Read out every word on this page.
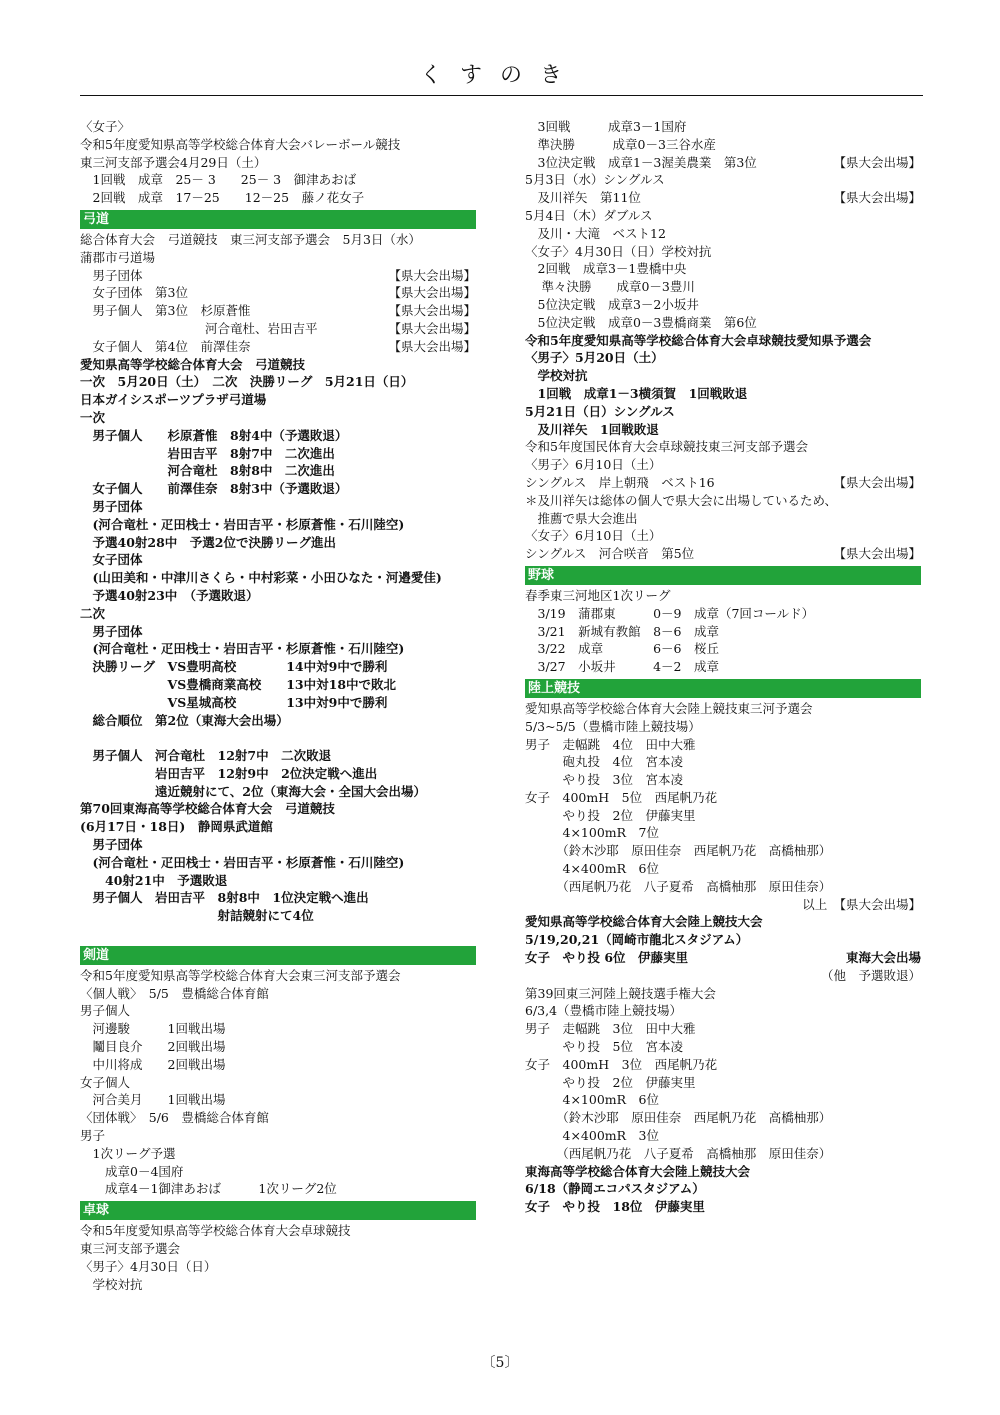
くすのき
〈女子〉
令和5年度愛知県高等学校総合体育大会バレーボール競技
東三河支部予選会4月29日（土）
　1回戦　成章　25－ 3　　25－ 3　御津あおば
　2回戦　成章　17－25　　12－25　藤ノ花女子
弓道
総合体育大会　弓道競技　東三河支部予選会　5月3日（水）
蒲郡市弓道場
　男子団体	【県大会出場】
　女子団体　第3位	【県大会出場】
　男子個人　第3位　杉原蒼惟	【県大会出場】
　　　　　　　　　　河合竜杜、岩田吉平	【県大会出場】
　女子個人　第4位　前澤佳奈	【県大会出場】
愛知県高等学校総合体育大会　弓道競技
一次　5月20日（土）　二次　決勝リーグ　5月21日（日）
日本ガイシスポーツプラザ弓道場
一次
　男子個人　　杉原蒼惟　8射4中（予選敗退）
　　　　　　　岩田吉平　8射7中　二次進出
　　　　　　　河合竜杜　8射8中　二次進出
　女子個人　　前澤佳奈　8射3中（予選敗退）
　男子団体
　(河合竜杜・疋田栈士・岩田吉平・杉原蒼惟・石川陸空)
　予選40射28中　予選2位で決勝リーグ進出
　女子団体
　(山田美和・中津川さくら・中村彩菜・小田ひなた・河邉愛佳)
　予選40射23中　（予選敗退）
二次
　男子団体
　(河合竜杜・疋田栈士・岩田吉平・杉原蒼惟・石川陸空)
　決勝リーグ　VS豊明高校　　　　14中対9中で勝利
　　　　　　　VS豊橋商業高校　　13中対18中で敗北
　　　　　　　VS星城高校　　　　13中対9中で勝利
　総合順位　第2位（東海大会出場）
　男子個人　河合竜杜　12射7中　二次敗退
　　　　　　岩田吉平　12射9中　2位決定戦へ進出
　　　　　　遠近競射にて、2位（東海大会・全国大会出場）
第70回東海高等学校総合体育大会　弓道競技
(6月17日・18日)　静岡県武道館
　男子団体
　(河合竜杜・疋田栈士・岩田吉平・杉原蒼惟・石川陸空)
　　40射21中　予選敗退
　男子個人　岩田吉平　8射8中　1位決定戦へ進出
　　　　　　　　　　　射詰競射にて4位
剣道
令和5年度愛知県高等学校総合体育大会東三河支部予選会
〈個人戦〉　5/5　豊橋総合体育館
男子個人
　河邊駿　　　1回戦出場
　鬮目良介　　2回戦出場
　中川将成　　2回戦出場
女子個人
　河合美月　　1回戦出場
〈団体戦〉　5/6　豊橋総合体育館
男子
　1次リーグ予選
　　成章0－4国府
　　成章4－1御津あおば　　　1次リーグ2位
卓球
令和5年度愛知県高等学校総合体育大会卓球競技
東三河支部予選会
〈男子〉4月30日（日）
　学校対抗
　3回戦　　　成章3－1国府
　準決勝　　　成章0－3三谷水産
　3位決定戦　成章1－3渥美農業　第3位	【県大会出場】
5月3日（水）シングルス
　及川祥矢　第11位	【県大会出場】
5月4日（木）ダブルス
　及川・大滝　ベスト12
〈女子〉4月30日（日）学校対抗
　2回戦　成章3－1豊橋中央
　 準々決勝　　成章0－3豊川
　5位決定戦　成章3－2小坂井
　5位決定戦　成章0－3豊橋商業　第6位
令和5年度愛知県高等学校総合体育大会卓球競技愛知県予選会
〈男子〉5月20日（土）
　学校対抗
　1回戦　成章1－3横須賀　1回戦敗退
5月21日（日）シングルス
　及川祥矢　1回戦敗退
令和5年度国民体育大会卓球競技東三河支部予選会
〈男子〉6月10日（土）
シングルス　岸上朝飛　ベスト16	【県大会出場】
＊及川祥矢は総体の個人で県大会に出場しているため、
　推薦で県大会進出
〈女子〉6月10日（土）
シングルス　河合咲音　第5位	【県大会出場】
野球
春季東三河地区1次リーグ
　3/19　蒲郡東　　　0－9　成章（7回コールド）
　3/21　新城有教館　8－6　成章
　3/22　成章　　　　6－6　桜丘
　3/27　小坂井　　　4－2　成章
陸上競技
愛知県高等学校総合体育大会陸上競技東三河予選会
5/3~5/5（豊橋市陸上競技場）
男子　走幅跳　4位　田中大雅
　　　砲丸投　4位　宮本凌
　　　やり投　3位　宮本凌
女子　400mH　5位　西尾帆乃花
　　　やり投　2位　伊藤実里
　　　4×100mR　7位
　　　（鈴木沙耶　原田佳奈　西尾帆乃花　高橋柚那）
　　　4×400mR　6位
　　　（西尾帆乃花　八子夏希　高橋柚那　原田佳奈）
以上　【県大会出場】
愛知県高等学校総合体育大会陸上競技大会
5/19,20,21（岡崎市龍北スタジアム）
女子　やり投 6位　伊藤実里	東海大会出場
（他　予選敗退）
第39回東三河陸上競技選手権大会
6/3,4（豊橋市陸上競技場）
男子　走幅跳　3位　田中大雅
　　　やり投　5位　宮本凌
女子　400mH　3位　西尾帆乃花
　　　やり投　2位　伊藤実里
　　　4×100mR　6位
　　　（鈴木沙耶　原田佳奈　西尾帆乃花　高橋柚那）
　　　4×400mR　3位
　　　（西尾帆乃花　八子夏希　高橋柚那　原田佳奈）
東海高等学校総合体育大会陸上競技大会
6/18（静岡エコパスタジアム）
女子　やり投　18位　伊藤実里
〔5〕
